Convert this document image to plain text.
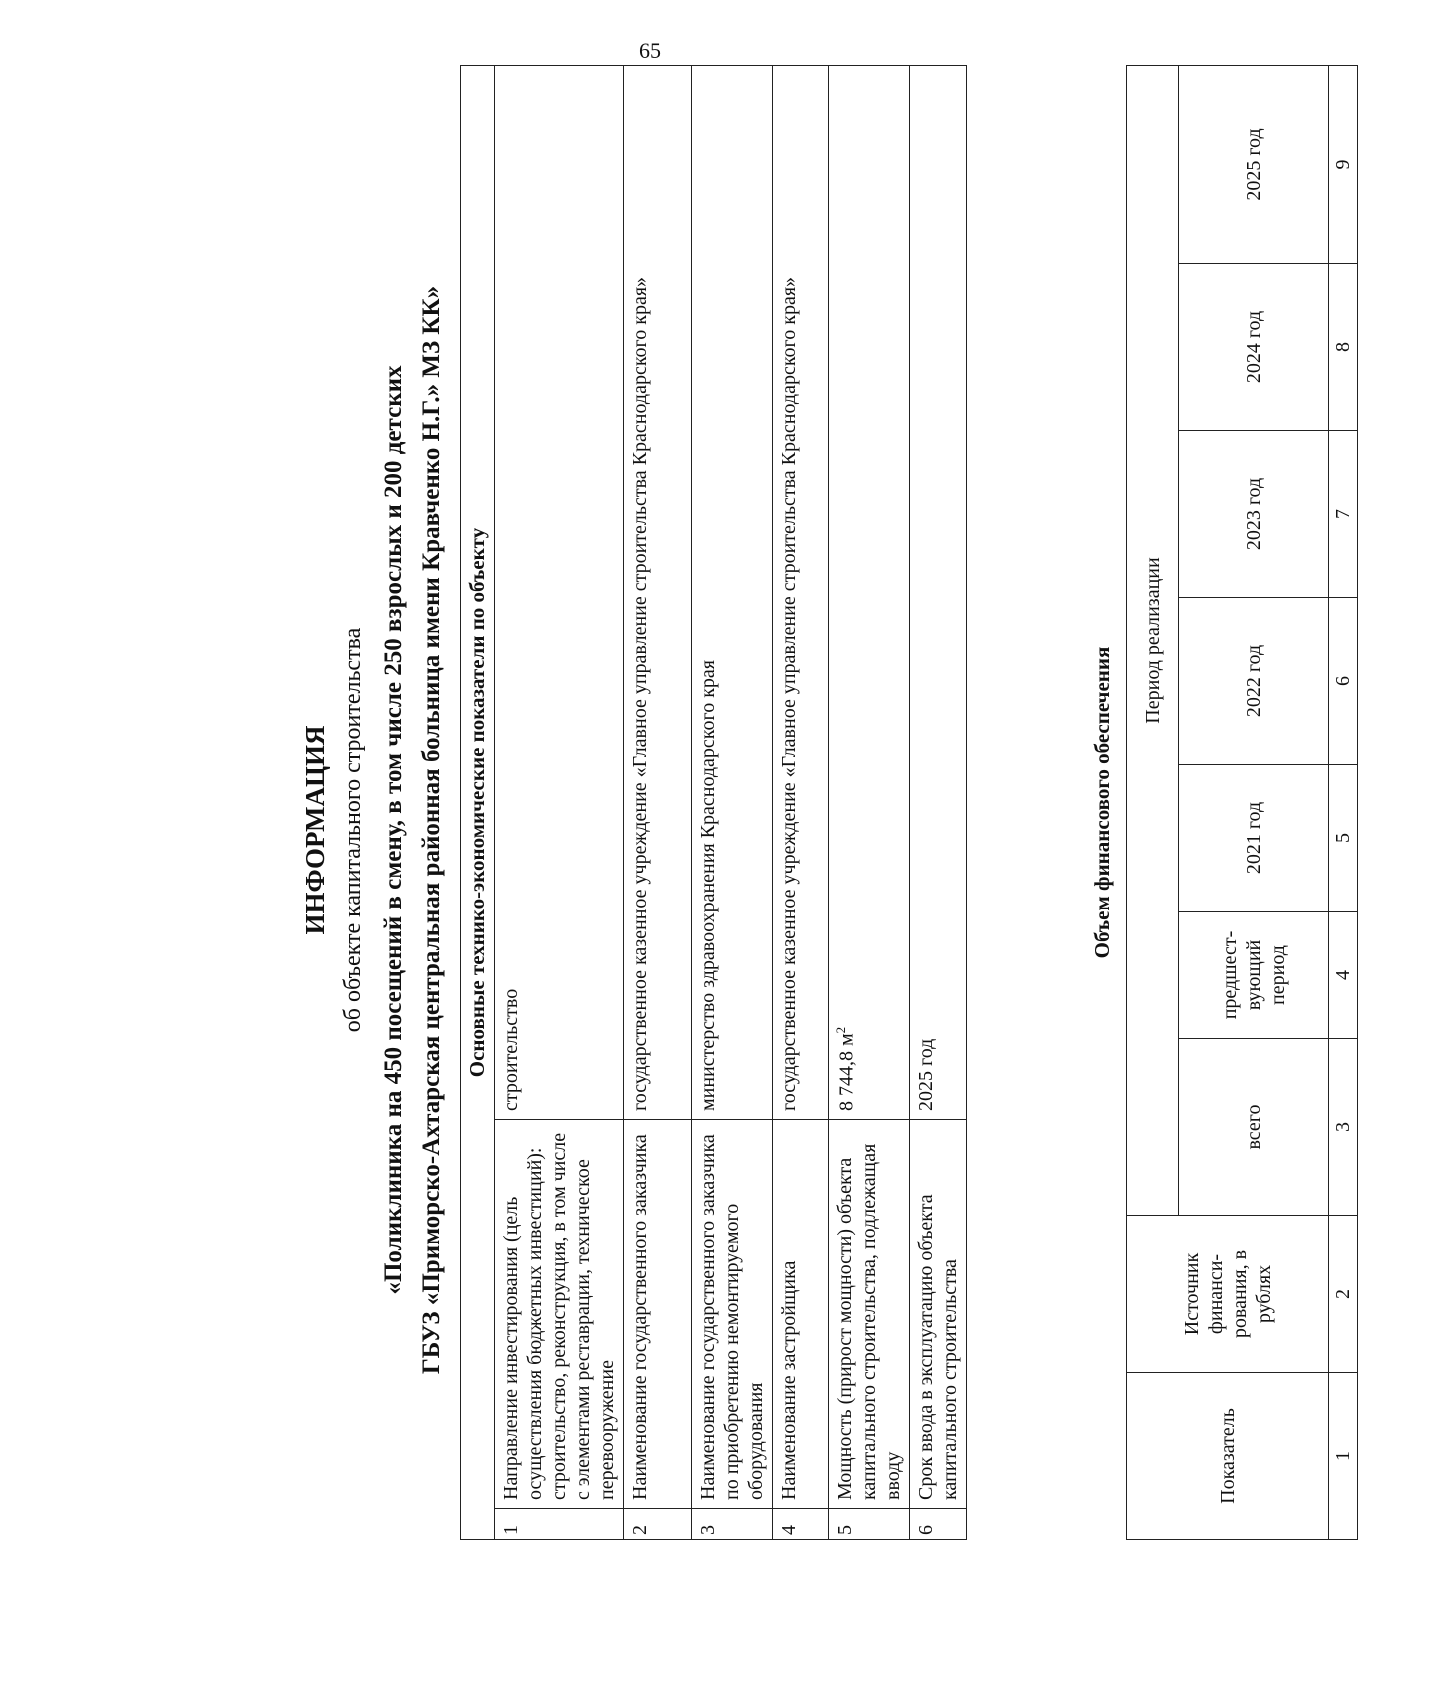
65
ИНФОРМАЦИЯ об объекте капитального строительства «Поликлиника на 450 посещений в смену, в том числе 250 взрослых и 200 детских ГБУЗ «Приморско-Ахтарская центральная районная больница имени Кравченко Н.Г.» МЗ КК» Основные технико-экономические показатели по объекту		
1	Направление инвестирования (цель осуществления бюджетных инвестиций): строительство, реконструкция, в том числе с элементами реставрации, техническое перевооружение	строительство
2	Наименование государственного заказчика	государственное казенное учреждение «Главное управление строительства Краснодарского края»
3	Наименование государственного заказчика по приобретению немонтируемого оборудования	министерство здравоохранения Краснодарского края
4	Наименование застройщика	государственное казенное учреждение «Главное управление строительства Краснодарского края»
5	Мощность (прирост мощности) объекта капитального строительства, подлежащая вводу	8 744,8 $м^2$
6	Срок ввода в эксплуатацию объекта капитального строительства	2025 год
Объем финансового обеспечения
Показатель	Источник финанси-рования, в рублях	Период реализации						
		всего	предшест-вующий период	2021 год	2022 год	2023 год	2024 год	2025 год
1	2	3	4	5	6	7	8	9
